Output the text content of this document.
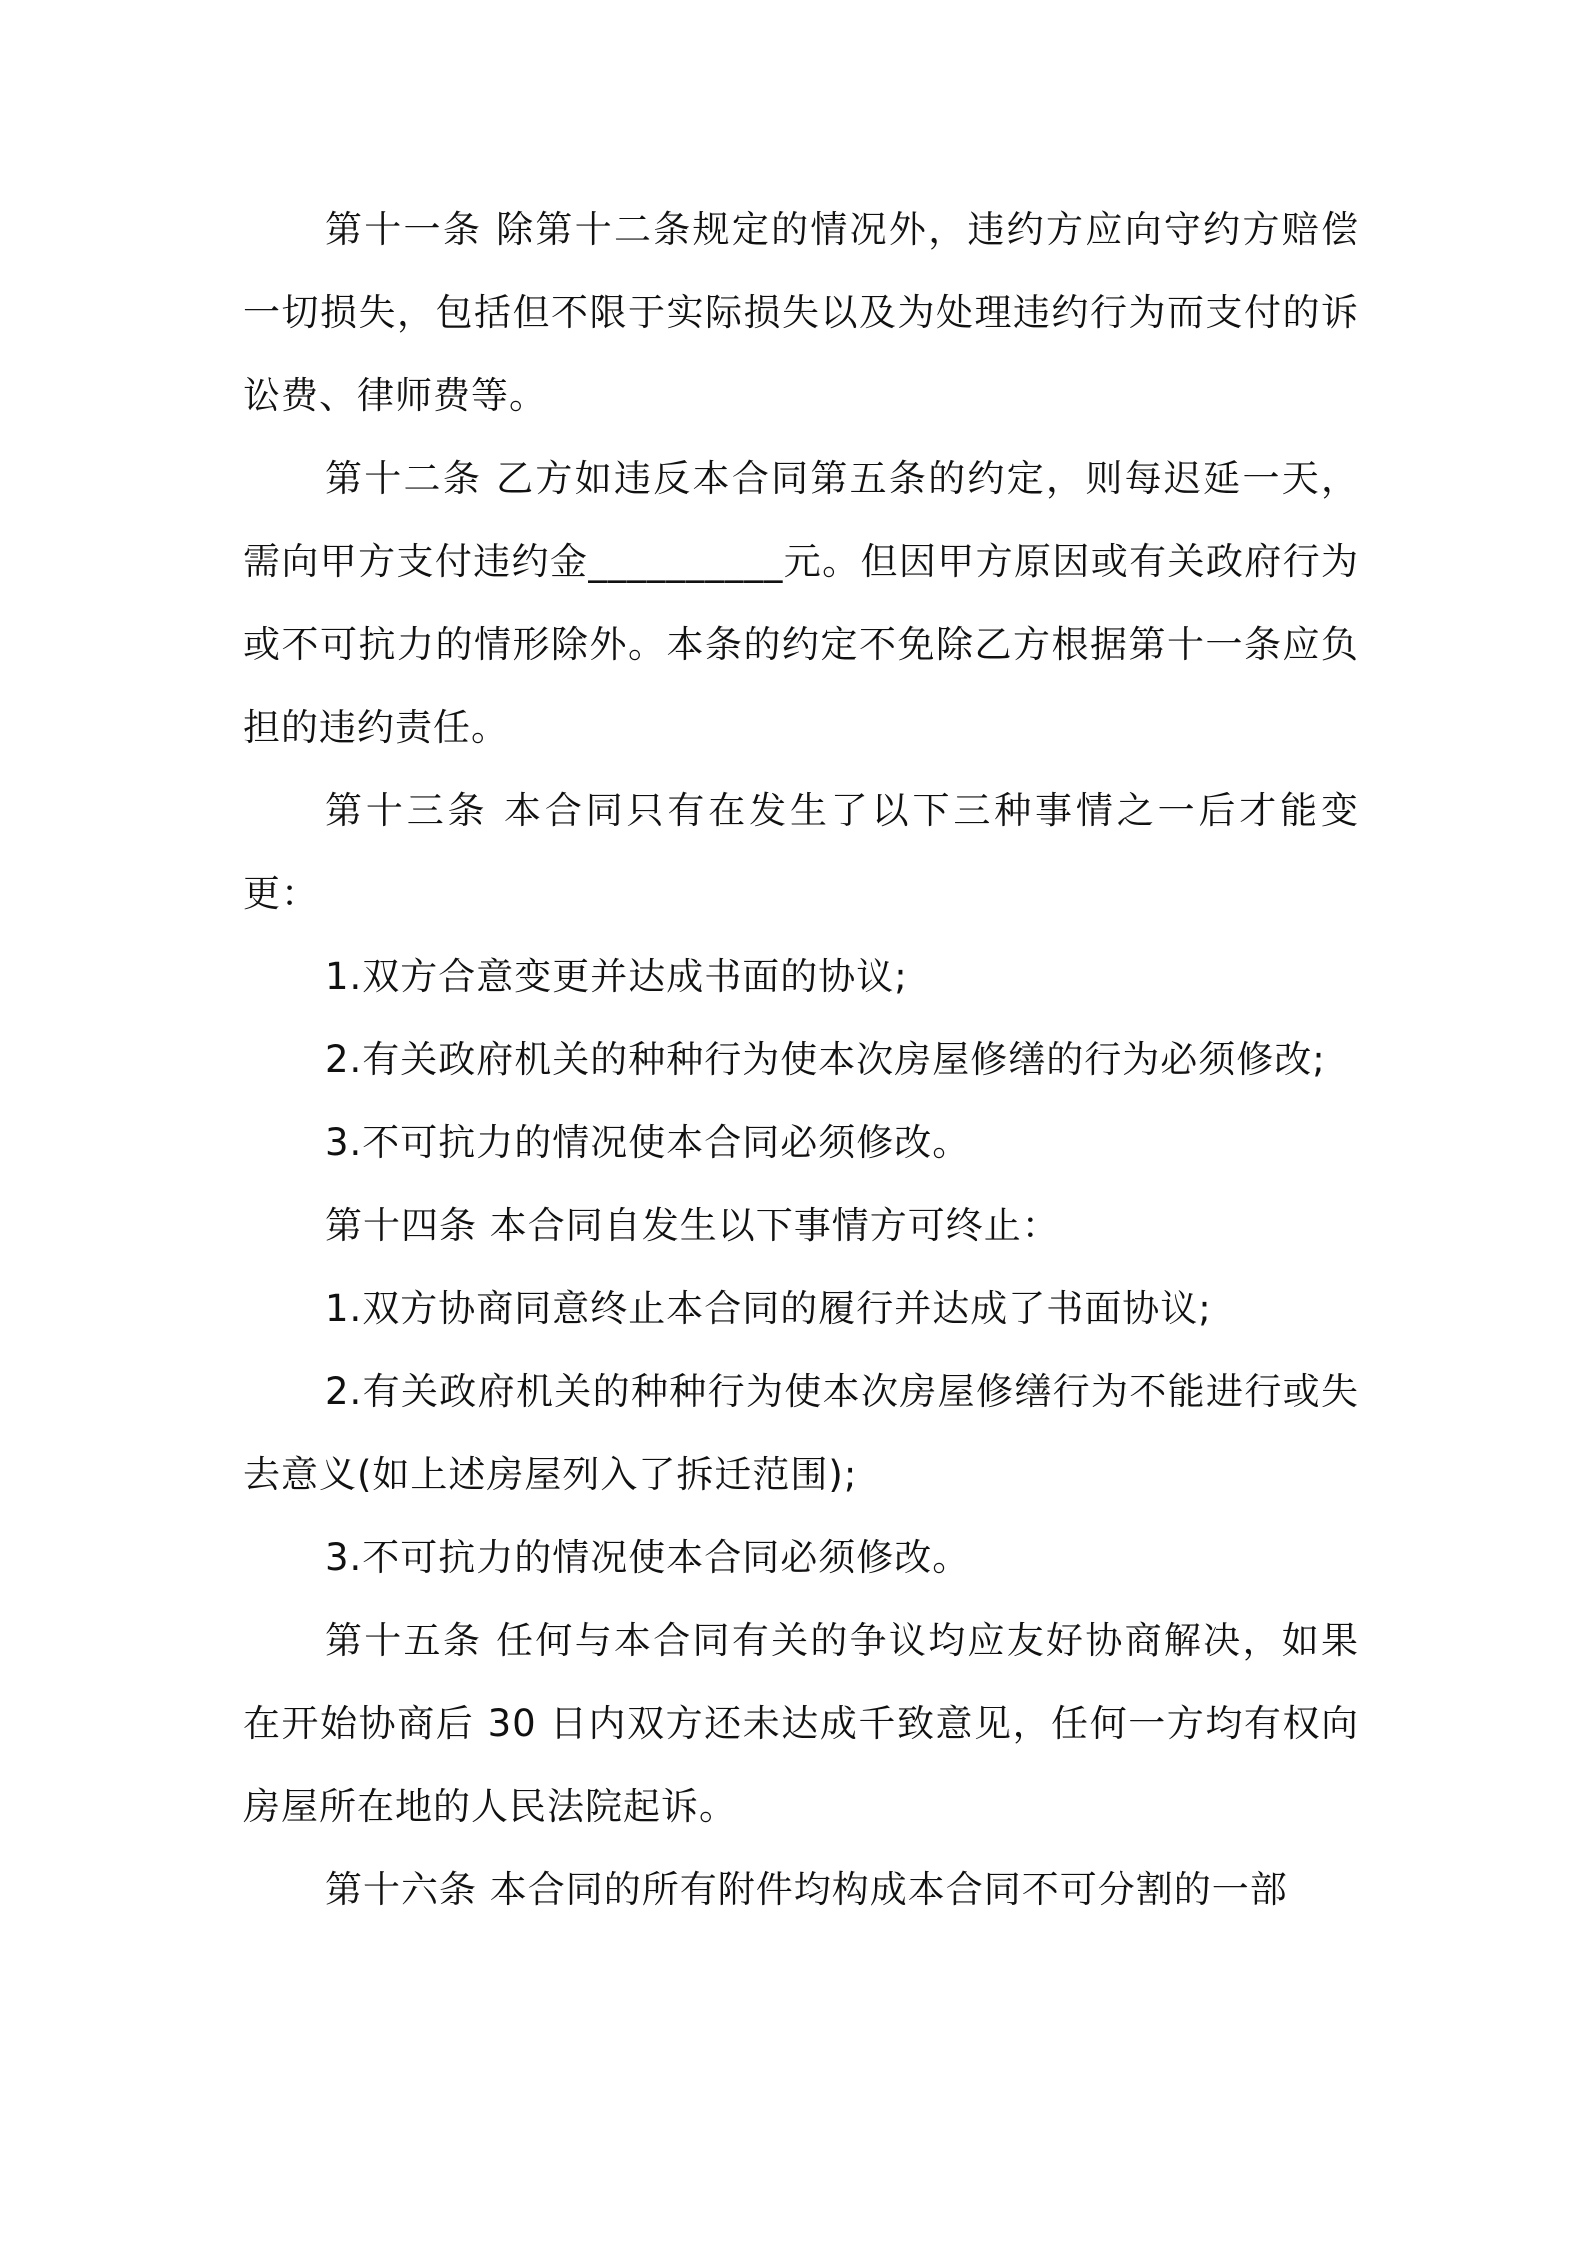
第十一条 除第十二条规定的情况外，违约方应向守约方赔偿一切损失，包括但不限于实际损失以及为处理违约行为而支付的诉讼费、律师费等。

第十二条 乙方如违反本合同第五条的约定，则每迟延一天，需向甲方支付违约金__________元。但因甲方原因或有关政府行为或不可抗力的情形除外。本条的约定不免除乙方根据第十一条应负担的违约责任。

第十三条 本合同只有在发生了以下三种事情之一后才能变更：

1.双方合意变更并达成书面的协议;

2.有关政府机关的种种行为使本次房屋修缮的行为必须修改;

3.不可抗力的情况使本合同必须修改。

第十四条 本合同自发生以下事情方可终止：

1.双方协商同意终止本合同的履行并达成了书面协议;

2.有关政府机关的种种行为使本次房屋修缮行为不能进行或失去意义(如上述房屋列入了拆迁范围);

3.不可抗力的情况使本合同必须修改。

第十五条 任何与本合同有关的争议均应友好协商解决，如果在开始协商后 30 日内双方还未达成千致意见，任何一方均有权向房屋所在地的人民法院起诉。

第十六条 本合同的所有附件均构成本合同不可分割的一部
